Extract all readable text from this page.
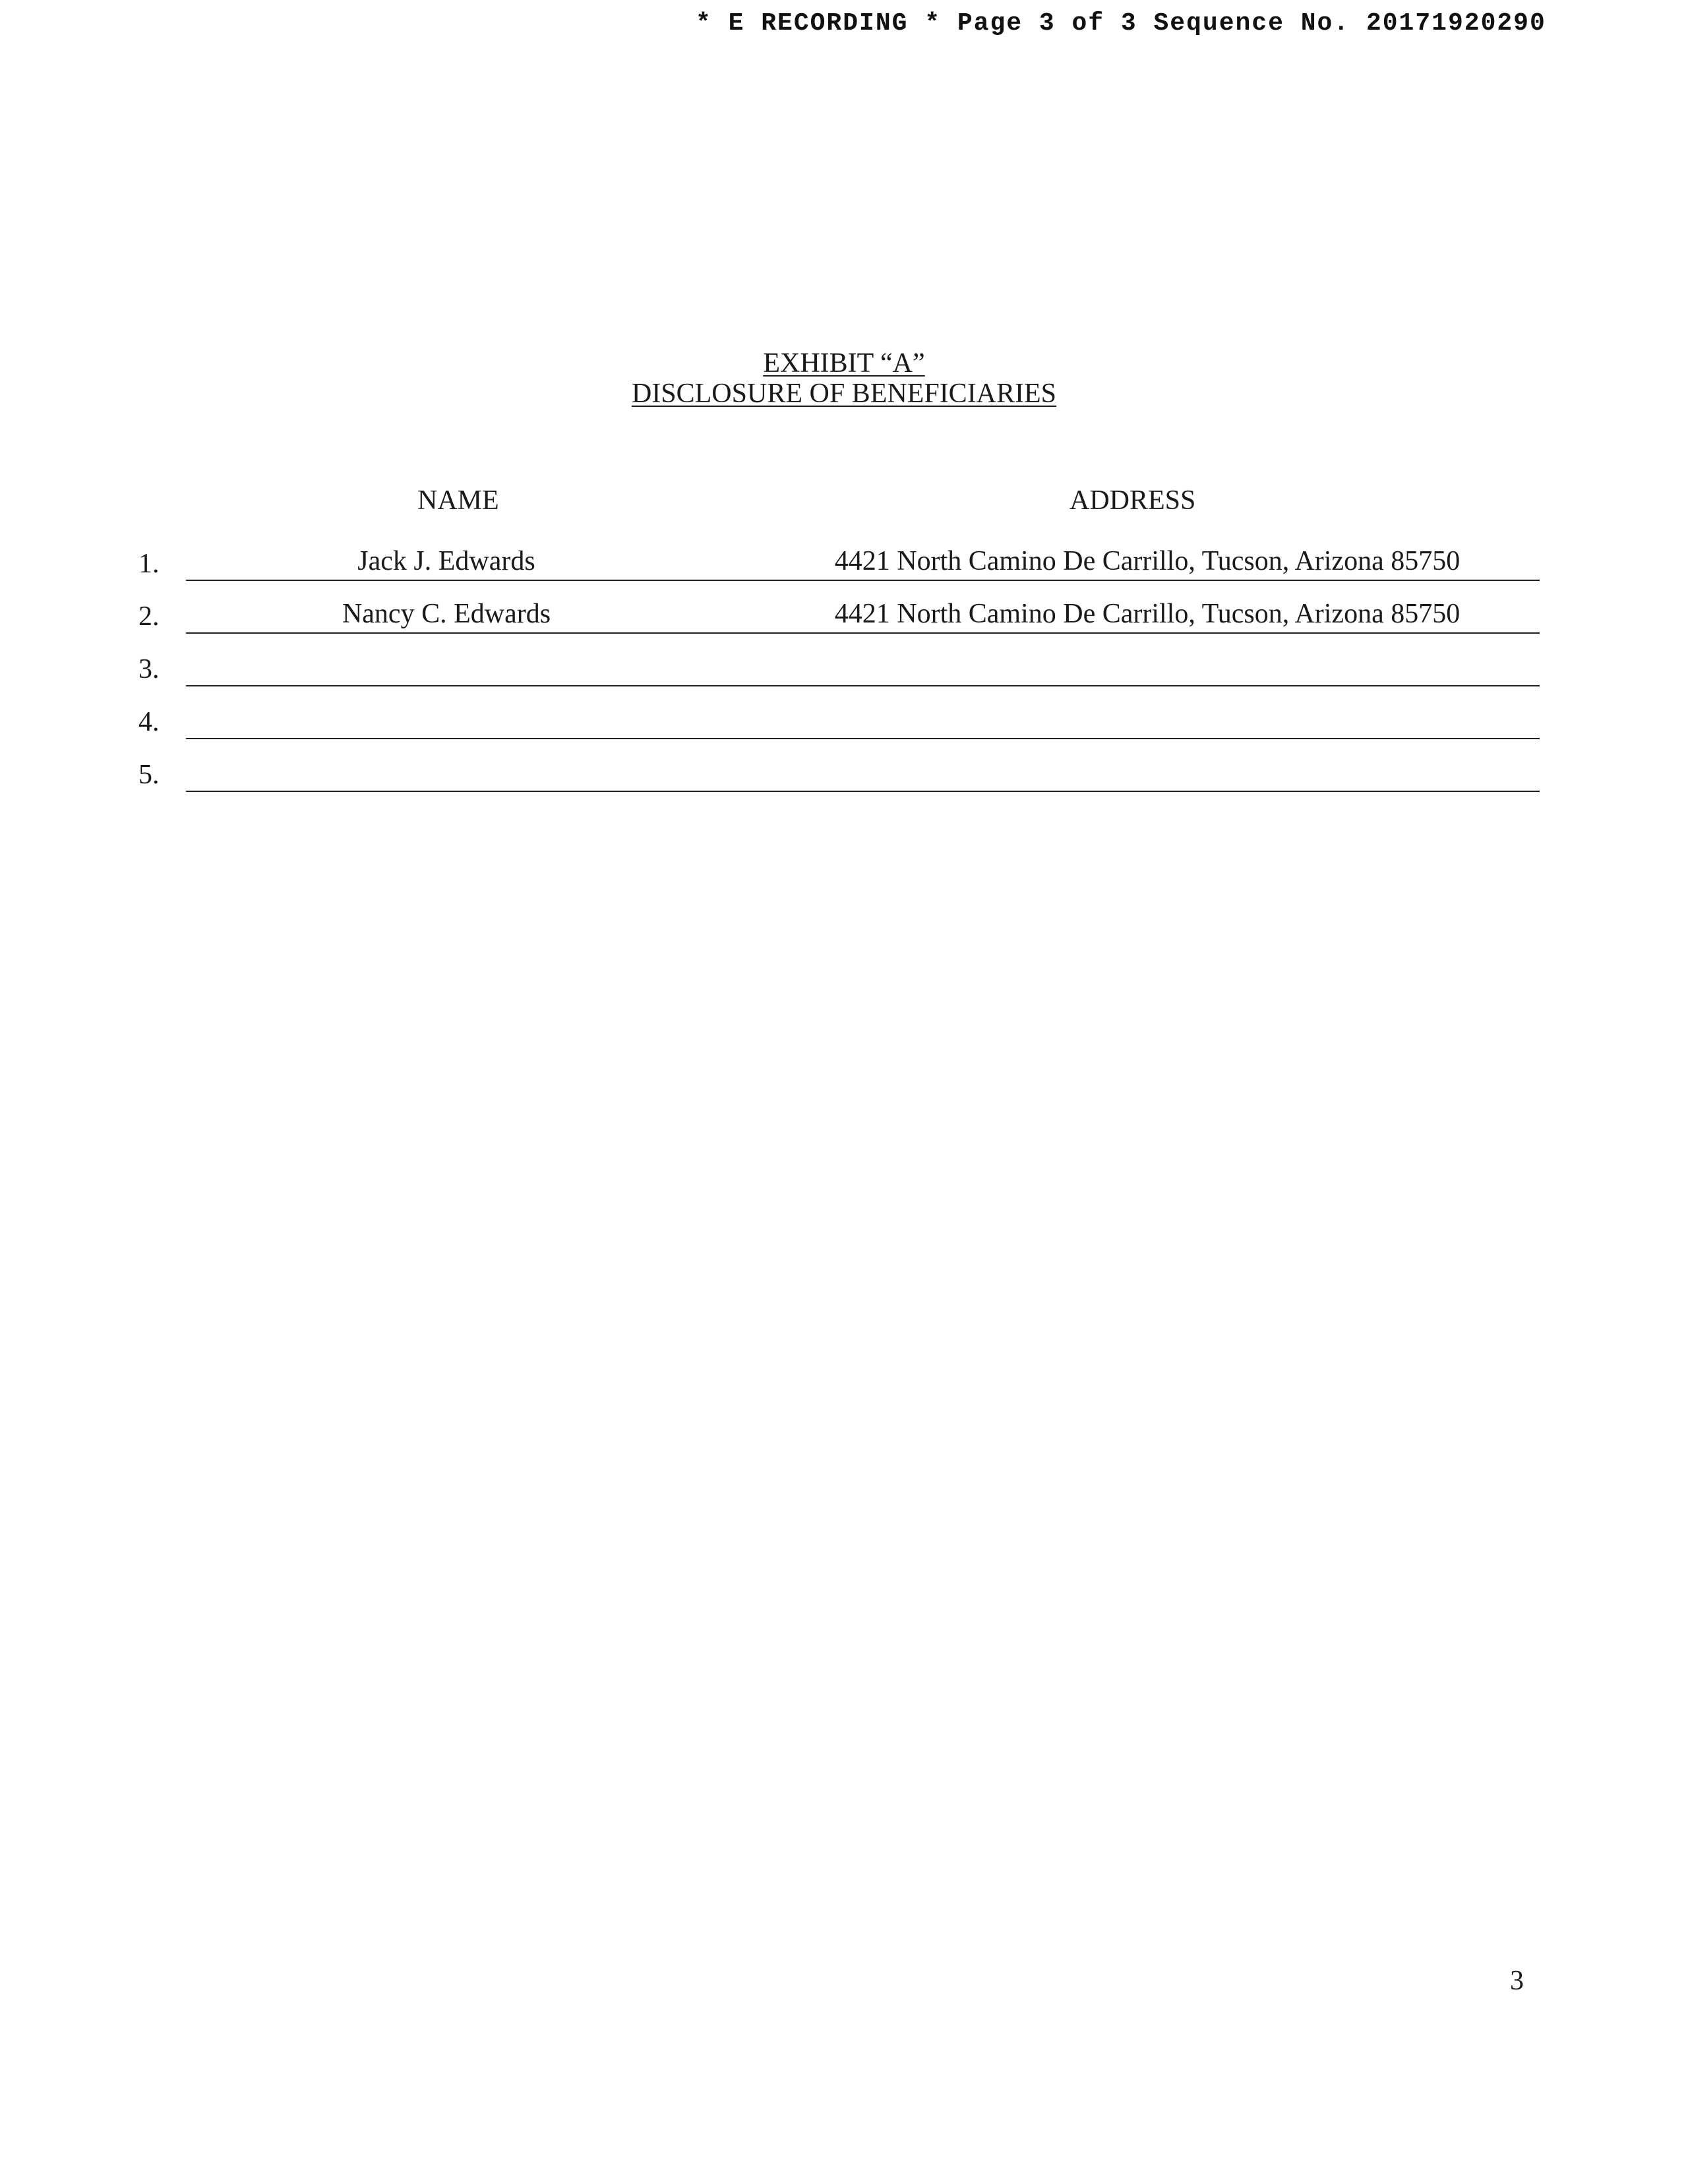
* E RECORDING * Page 3 of 3 Sequence No. 20171920290
EXHIBIT “A”
DISCLOSURE OF BENEFICIARIES
NAME	ADDRESS
1.	Jack J. Edwards	4421 North Camino De Carrillo, Tucson, Arizona 85750
2.	Nancy C. Edwards	4421 North Camino De Carrillo, Tucson, Arizona 85750
3.
4.
5.
3
